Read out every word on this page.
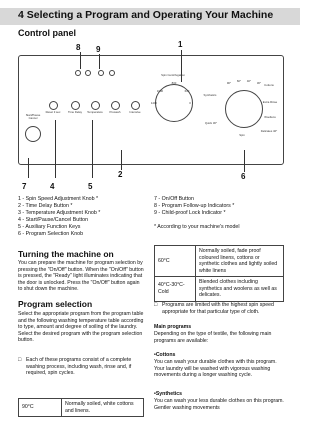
4 Selecting a Program and Operating Your Machine
Control panel
8 9
1
Start/Pause Cancel
Reset 3 sec	Time Delay	Temperature	Prewash	Intensive
Spin Centrifugation
1400
1000
800
600
0
Synthetics
Cottons
Extra Rinse
Woollens
Delicates 40°
Quick 30°
Spin
90°	60°	40°	30°
2
7	4	5
6
1 - Spin Speed Adjustment Knob *
2 - Time Delay Button *
3 - Temperature Adjustment Knob *
4 - Start/Pause/Cancel Button
5 - Auxiliary Function Keys
6 - Program Selection Knob
7 - On/Off Button
8 - Program Follow-up Indicators *
9 - Child-proof Lock Indicator *
* According to your machine's model
Turning the machine on
You can prepare the machine for program selection by pressing the "On/Off" button. When the "On/Off" button is pressed, the "Ready" light illuminates indicating that the door is unlocked. Press the "On/Off" button again to shut down the machine.
Program selection
Select the appropriate program from the program table and the following washing temperature table according to type, amount and degree of soiling of the laundry. Select the desired program with the program selection button.
□ Each of these programs consist of a complete washing process, including wash, rinse and, if required, spin cycles.
90°C	Normally soiled, white cottons and linens.
60°C	Normally soiled, fade proof coloured linens, cottons or synthetic clothes and lightly soiled white linens
40°C-30°C-Cold	Blended clothes including synthetics and woolens as well as delicates.
□ Programs are limited with the highest spin speed appropriate for that particular type of cloth.
Main programs
Depending on the type of textile, the following main programs are available:
•Cottons
You can wash your durable clothes with this program. Your laundry will be washed with vigorous washing movements during a longer washing cycle.
•Synthetics
You can wash your less durable clothes on this program. Gentler washing movements
